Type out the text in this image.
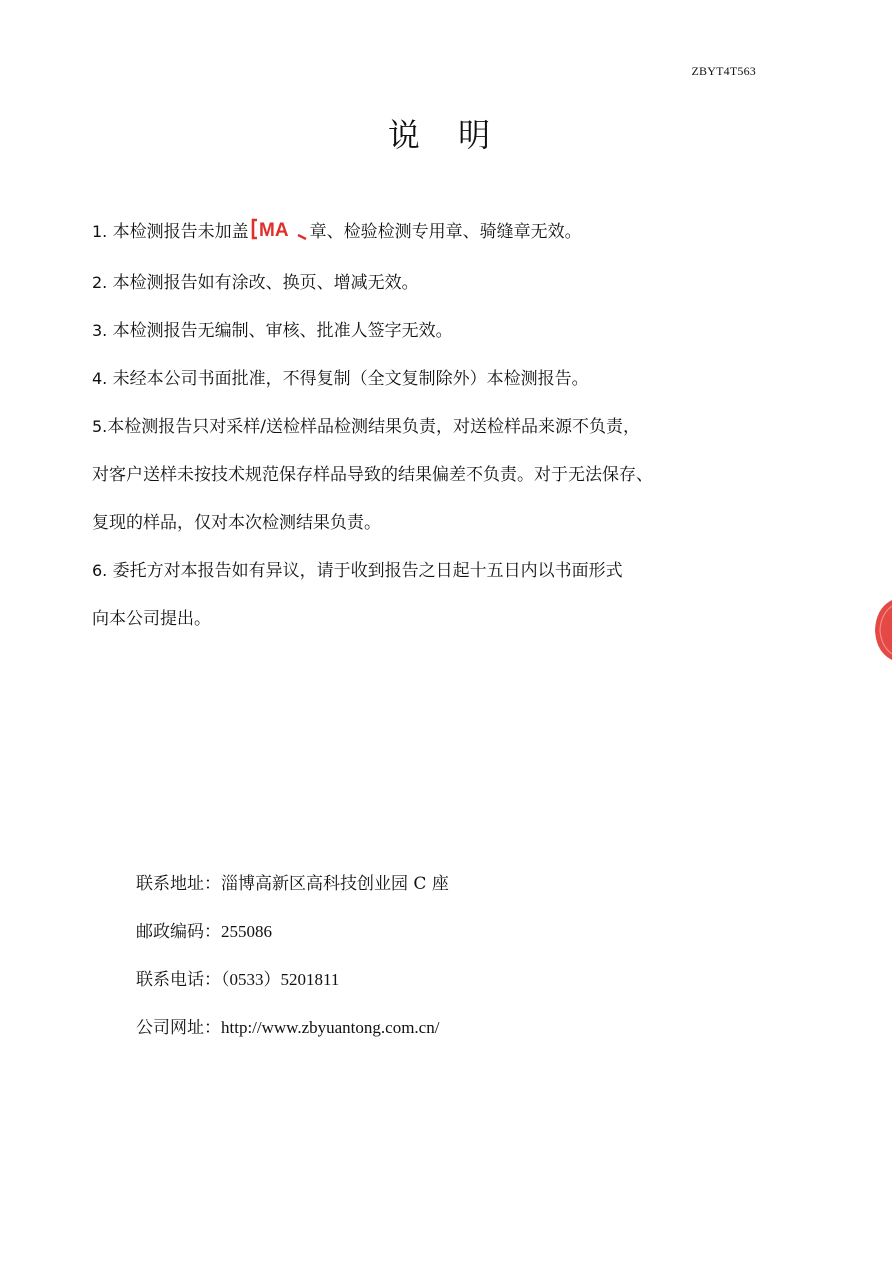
ZBYT4T563
说 明

1. 本检测报告未加盖 MA 章、检验检测专用章、骑缝章无效。

2. 本检测报告如有涂改、换页、增减无效。

3. 本检测报告无编制、审核、批准人签字无效。

4. 未经本公司书面批准，不得复制（全文复制除外）本检测报告。

5.本检测报告只对采样/送检样品检测结果负责，对送检样品来源不负责，

对客户送样未按技术规范保存样品导致的结果偏差不负责。对于无法保存、

复现的样品，仅对本次检测结果负责。

6. 委托方对本报告如有异议，请于收到报告之日起十五日内以书面形式

向本公司提出。

联系地址：淄博高新区高科技创业园 C 座

邮政编码：255086

联系电话：（0533）5201811

公司网址：http://www.zbyuantong.com.cn/
